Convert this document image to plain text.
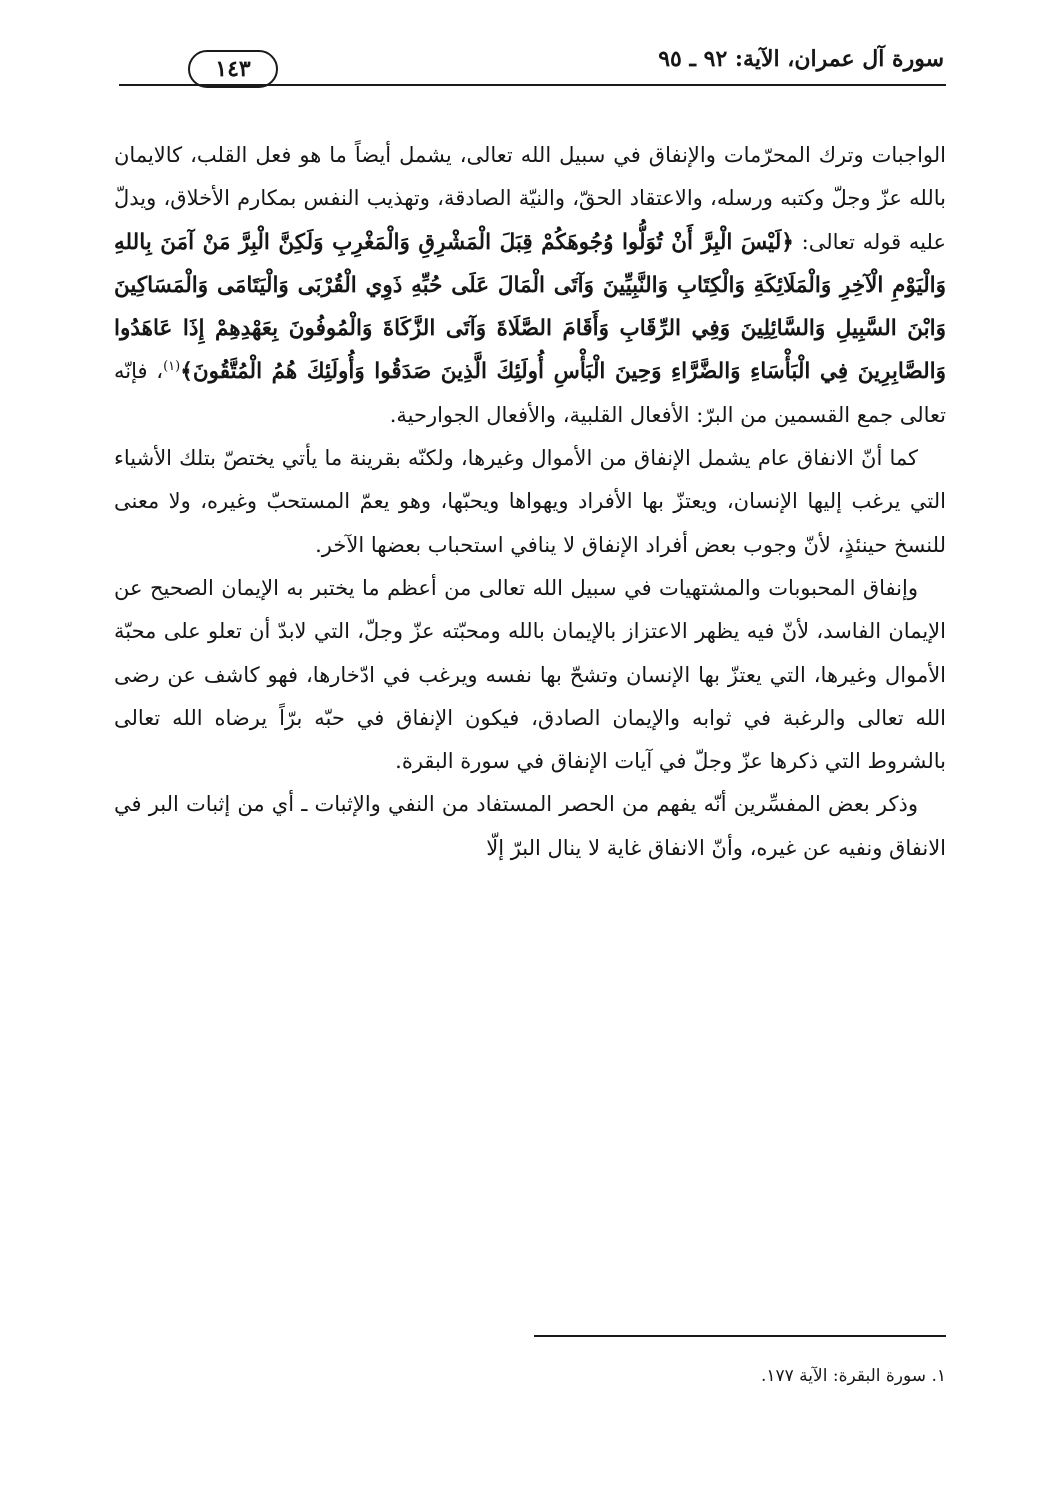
سورة آل عمران، الآية: ٩٢ ـ ٩٥
١٤٣

الواجبات وترك المحرّمات والإنفاق في سبيل الله تعالى، يشمل أيضاً ما هو فعل القلب، كالايمان بالله عزّ وجلّ وكتبه ورسله، والاعتقاد الحقّ، والنيّة الصادقة، وتهذيب النفس بمكارم الأخلاق، ويدلّ عليه قوله تعالى: ﴿لَيْسَ الْبِرَّ أَنْ تُوَلُّوا وُجُوهَكُمْ قِبَلَ الْمَشْرِقِ وَالْمَغْرِبِ وَلَكِنَّ الْبِرَّ مَنْ آمَنَ بِاللهِ وَالْيَوْمِ الْآخِرِ وَالْمَلَائِكَةِ وَالْكِتَابِ وَالنَّبِيِّينَ وَآتَى الْمَالَ عَلَى حُبِّهِ ذَوِي الْقُرْبَى وَالْيَتَامَى وَالْمَسَاكِينَ وَابْنَ السَّبِيلِ وَالسَّائِلِينَ وَفِي الرِّقَابِ وَأَقَامَ الصَّلَاةَ وَآتَى الزَّكَاةَ وَالْمُوفُونَ بِعَهْدِهِمْ إِذَا عَاهَدُوا وَالصَّابِرِينَ فِي الْبَأْسَاءِ وَالضَّرَّاءِ وَحِينَ الْبَأْسِ أُولَئِكَ الَّذِينَ صَدَقُوا وَأُولَئِكَ هُمُ الْمُتَّقُونَ﴾$^{(١)}$، فإنّه تعالى جمع القسمين من البرّ: الأفعال القلبية، والأفعال الجوارحية.

كما أنّ الانفاق عام يشمل الإنفاق من الأموال وغيرها، ولكنّه بقرينة ما يأتي يختصّ بتلك الأشياء التي يرغب إليها الإنسان، ويعتزّ بها الأفراد ويهواها ويحبّها، وهو يعمّ المستحبّ وغيره، ولا معنى للنسخ حينئذٍ، لأنّ وجوب بعض أفراد الإنفاق لا ينافي استحباب بعضها الآخر.

وإنفاق المحبوبات والمشتهيات في سبيل الله تعالى من أعظم ما يختبر به الإيمان الصحيح عن الإيمان الفاسد، لأنّ فيه يظهر الاعتزاز بالإيمان بالله ومحبّته عزّ وجلّ، التي لابدّ أن تعلو على محبّة الأموال وغيرها، التي يعتزّ بها الإنسان وتشحّ بها نفسه ويرغب في ادّخارها، فهو كاشف عن رضى الله تعالى والرغبة في ثوابه والإيمان الصادق، فيكون الإنفاق في حبّه برّاً يرضاه الله تعالى بالشروط التي ذكرها عزّ وجلّ في آيات الإنفاق في سورة البقرة.

وذكر بعض المفسِّرين أنّه يفهم من الحصر المستفاد من النفي والإثبات ـ أي من إثبات البر في الانفاق ونفيه عن غيره، وأنّ الانفاق غاية لا ينال البرّ إلّا

١. سورة البقرة: الآية ١٧٧.
